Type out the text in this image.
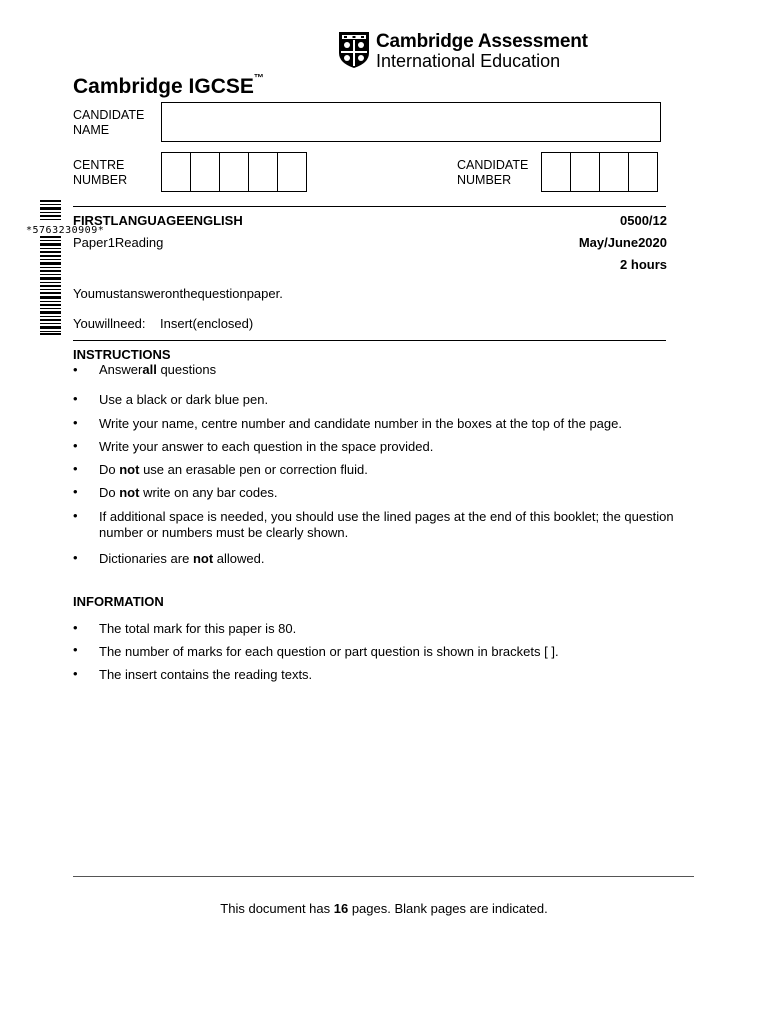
Cambridge Assessment
International Education
Cambridge IGCSE™
CANDIDATE
NAME
CENTRE
NUMBER
CANDIDATE
NUMBER
*5763230909*
FIRSTLANGUAGEENGLISH	0500/12
Paper1Reading	May/June2020
2 hours
Youmustansweronthequestionpaper.
Youwillneed: Insert(enclosed)
INSTRUCTIONS
• Answerall questions
• Use a black or dark blue pen.
• Write your name, centre number and candidate number in the boxes at the top of the page.
• Write your answer to each question in the space provided.
• Do not use an erasable pen or correction fluid.
• Do not write on any bar codes.
• If additional space is needed, you should use the lined pages at the end of this booklet; the question number or numbers must be clearly shown.
• Dictionaries are not allowed.
INFORMATION
• The total mark for this paper is 80.
• The number of marks for each question or part question is shown in brackets [ ].
• The insert contains the reading texts.
This document has 16 pages. Blank pages are indicated.
